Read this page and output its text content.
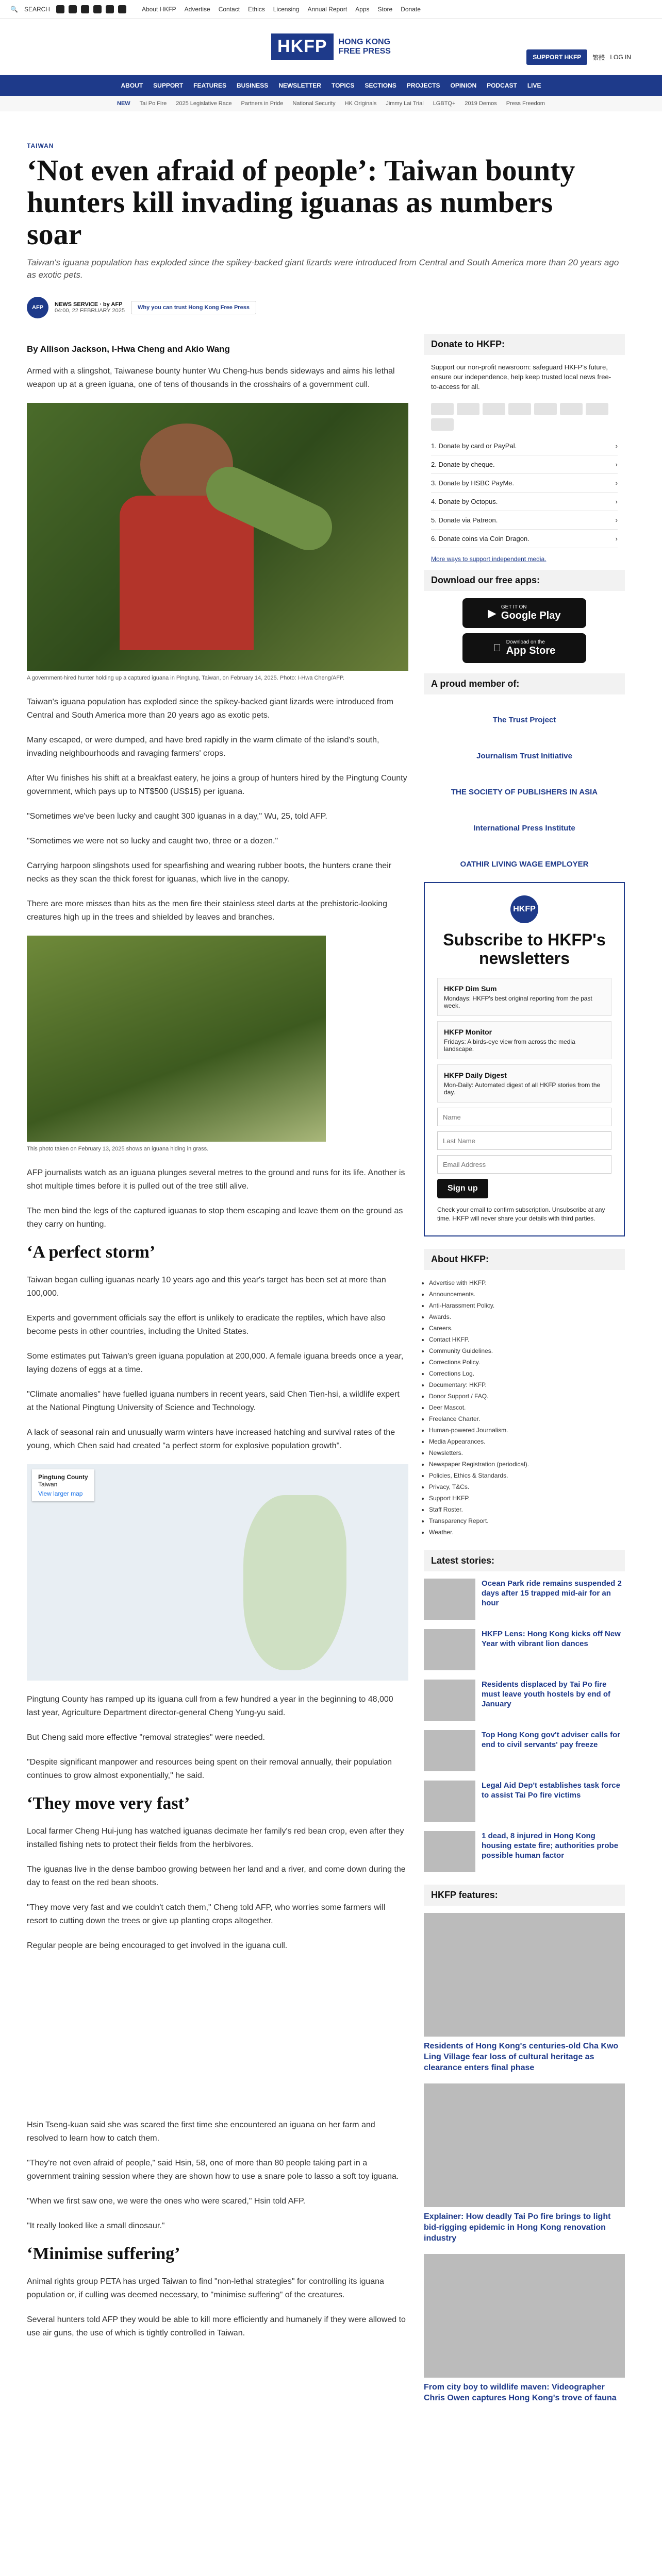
🔍 SEARCH	About HKFP Advertise Contact Ethics Licensing Annual Report Apps Store Donate
HKFP	HONG KONG
FREE PRESS
SUPPORT HKFP	繁體 LOG IN
ABOUT SUPPORT FEATURES BUSINESS NEWSLETTER TOPICS SECTIONS PROJECTS OPINION PODCAST LIVE
NEW Tai Po Fire 2025 Legislative Race Partners in Pride National Security HK Originals Jimmy Lai Trial LGBTQ+ 2019 Demos Press Freedom
TAIWAN
‘Not even afraid of people’: Taiwan bounty hunters kill invading iguanas as numbers soar
Taiwan's iguana population has exploded since the spikey-backed giant lizards were introduced from Central and South America more than 20 years ago as exotic pets.
AFP	NEWS SERVICE · by AFP
04:00, 22 FEBRUARY 2025	Why you can trust Hong Kong Free Press
By Allison Jackson, I-Hwa Cheng and Akio Wang

Armed with a slingshot, Taiwanese bounty hunter Wu Cheng-hus bends sideways and aims his lethal weapon up at a green iguana, one of tens of thousands in the crosshairs of a government cull.

A government-hired hunter holding up a captured iguana in Pingtung, Taiwan, on February 14, 2025. Photo: I-Hwa Cheng/AFP.

Taiwan's iguana population has exploded since the spikey-backed giant lizards were introduced from Central and South America more than 20 years ago as exotic pets.

Many escaped, or were dumped, and have bred rapidly in the warm climate of the island's south, invading neighbourhoods and ravaging farmers' crops.

After Wu finishes his shift at a breakfast eatery, he joins a group of hunters hired by the Pingtung County government, which pays up to NT$500 (US$15) per iguana.

"Sometimes we've been lucky and caught 300 iguanas in a day," Wu, 25, told AFP.

"Sometimes we were not so lucky and caught two, three or a dozen."

Carrying harpoon slingshots used for spearfishing and wearing rubber boots, the hunters crane their necks as they scan the thick forest for iguanas, which live in the canopy.

There are more misses than hits as the men fire their stainless steel darts at the prehistoric-looking creatures high up in the trees and shielded by leaves and branches.

This photo taken on February 13, 2025 shows an iguana hiding in grass.

AFP journalists watch as an iguana plunges several metres to the ground and runs for its life. Another is shot multiple times before it is pulled out of the tree still alive.

The men bind the legs of the captured iguanas to stop them escaping and leave them on the ground as they carry on hunting.

‘A perfect storm’

Taiwan began culling iguanas nearly 10 years ago and this year's target has been set at more than 100,000.

Experts and government officials say the effort is unlikely to eradicate the reptiles, which have also become pests in other countries, including the United States.

Some estimates put Taiwan's green iguana population at 200,000. A female iguana breeds once a year, laying dozens of eggs at a time.

"Climate anomalies" have fuelled iguana numbers in recent years, said Chen Tien-hsi, a wildlife expert at the National Pingtung University of Science and Technology.

A lack of seasonal rain and unusually warm winters have increased hatching and survival rates of the young, which Chen said had created "a perfect storm for explosive population growth".

Pingtung County
Taiwan
View larger map

Pingtung County has ramped up its iguana cull from a few hundred a year in the beginning to 48,000 last year, Agriculture Department director-general Cheng Yung-yu said.

But Cheng said more effective "removal strategies" were needed.

"Despite significant manpower and resources being spent on their removal annually, their population continues to grow almost exponentially," he said.

‘They move very fast’

Local farmer Cheng Hui-jung has watched iguanas decimate her family's red bean crop, even after they installed fishing nets to protect their fields from the herbivores.

The iguanas live in the dense bamboo growing between her land and a river, and come down during the day to feast on the red bean shoots.

"They move very fast and we couldn't catch them," Cheng told AFP, who worries some farmers will resort to cutting down the trees or give up planting crops altogether.

Regular people are being encouraged to get involved in the iguana cull.

Hsin Tseng-kuan said she was scared the first time she encountered an iguana on her farm and resolved to learn how to catch them.

"They're not even afraid of people," said Hsin, 58, one of more than 80 people taking part in a government training session where they are shown how to use a snare pole to lasso a soft toy iguana.

"When we first saw one, we were the ones who were scared," Hsin told AFP.

"It really looked like a small dinosaur."

‘Minimise suffering’

Animal rights group PETA has urged Taiwan to find "non-lethal strategies" for controlling its iguana population or, if culling was deemed necessary, to "minimise suffering" of the creatures.

Several hunters told AFP they would be able to kill more efficiently and humanely if they were allowed to use air guns, the use of which is tightly controlled in Taiwan.

Donate to HKFP:
Support our non-profit newsroom: safeguard HKFP's future, ensure our independence, help keep trusted local news free-to-access for all.
1. Donate by card or PayPal.	›
2. Donate by cheque.	›
3. Donate by HSBC PayMe.	›
4. Donate by Octopus.	›
5. Donate via Patreon.	›
6. Donate coins via Coin Dragon.	›
More ways to support independent media.
Download our free apps:
▶
GET IT ON
Google Play
Download on the
App Store
A proud member of:
The Trust Project
Journalism Trust Initiative
THE SOCIETY OF PUBLISHERS IN ASIA
International Press Institute
OATHIR LIVING WAGE EMPLOYER
HKFP
Subscribe to HKFP's newsletters
HKFP Dim Sum
Mondays: HKFP's best original reporting from the past week.
HKFP Monitor
Fridays: A birds-eye view from across the media landscape.
HKFP Daily Digest
Mon-Daily: Automated digest of all HKFP stories from the day.
Name
Last Name
Email Address
Sign up
Check your email to confirm subscription. Unsubscribe at any time. HKFP will never share your details with third parties.
About HKFP:
• Advertise with HKFP.
• Announcements.
• Anti-Harassment Policy.
• Awards.
• Careers.
• Contact HKFP.
• Community Guidelines.
• Corrections Policy.
• Corrections Log.
• Documentary: HKFP.
• Donor Support / FAQ.
• Deer Mascot.
• Freelance Charter.
• Human-powered Journalism.
• Media Appearances.
• Newsletters.
• Newspaper Registration (periodical).
• Policies, Ethics & Standards.
• Privacy, T&Cs.
• Support HKFP.
• Staff Roster.
• Transparency Report.
• Weather.
Latest stories:
Ocean Park ride remains suspended 2 days after 15 trapped mid-air for an hour
HKFP Lens: Hong Kong kicks off New Year with vibrant lion dances
Residents displaced by Tai Po fire must leave youth hostels by end of January
Top Hong Kong gov't adviser calls for end to civil servants' pay freeze
Legal Aid Dep't establishes task force to assist Tai Po fire victims
1 dead, 8 injured in Hong Kong housing estate fire; authorities probe possible human factor
HKFP features:
Residents of Hong Kong's centuries-old Cha Kwo Ling Village fear loss of cultural heritage as clearance enters final phase
Explainer: How deadly Tai Po fire brings to light bid-rigging epidemic in Hong Kong renovation industry
From city boy to wildlife maven: Videographer Chris Owen captures Hong Kong's trove of fauna
